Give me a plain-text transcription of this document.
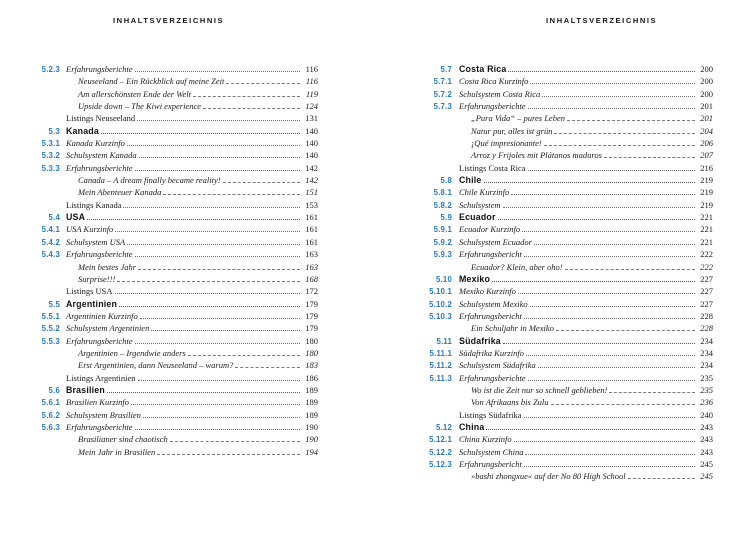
INHALTSVERZEICHNIS	INHALTSVERZEICHNIS
5.2.3 Erfahrungsberichte	116
Neuseeland – Ein Rückblick auf meine Zeit	116
Am allerschönsten Ende der Welt	119
Upside down – The Kiwi experience	124
Listings Neuseeland	131
5.3 Kanada	140
5.3.1 Kanada Kurzinfo	140
5.3.2 Schulsystem Kanada	140
5.3.3 Erfahrungsberichte	142
Canada – A dream finally became reality!	142
Mein Abenteuer Kanada	151
Listings Kanada	153
5.4 USA	161
5.4.1 USA Kurzinfo	161
5.4.2 Schulsystem USA	161
5.4.3 Erfahrungsberichte	163
Mein bestes Jahr	163
Surprise!!!	168
Listings USA	172
5.5 Argentinien	179
5.5.1 Argentinien Kurzinfo	179
5.5.2 Schulsystem Argentinien	179
5.5.3 Erfahrungsberichte	180
Argentinien – Irgendwie anders	180
Erst Argentinien, dann Neuseeland – warum?	183
Listings Argentinien	186
5.6 Brasilien	189
5.6.1 Brasilien Kurzinfo	189
5.6.2 Schulsystem Brasilien	189
5.6.3 Erfahrungsberichte	190
Brasilianer sind chaotisch	190
Mein Jahr in Brasilien	194
5.7 Costa Rica	200
5.7.1 Costa Rica Kurzinfo	200
5.7.2 Schulsystem Costa Rica	200
5.7.3 Erfahrungsberichte	201
„Pura Vida“ – pures Leben	201
Natur pur, alles ist grün	204
¡Qué impresionante!	206
Arroz y Frijoles mit Plátanos maduros	207
Listings Costa Rica	216
5.8 Chile	219
5.8.1 Chile Kurzinfo	219
5.8.2 Schulsystem	219
5.9 Ecuador	221
5.9.1 Ecuador Kurzinfo	221
5.9.2 Schulsystem Ecuador	221
5.9.3 Erfahrungsbericht	222
Ecuador? Klein, aber oho!	222
5.10 Mexiko	227
5.10.1 Mexiko Kurzinfo	227
5.10.2 Schulsystem Mexiko	227
5.10.3 Erfahrungsbericht	228
Ein Schuljahr in Mexiko	228
5.11 Südafrika	234
5.11.1 Südafrika Kurzinfo	234
5.11.2 Schulsystem Südafrika	234
5.11.3 Erfahrungsberichte	235
Wo ist die Zeit nur so schnell geblieben!	235
Von Afrikaans bis Zulu	236
Listings Südafrika	240
5.12 China	243
5.12.1 China Kurzinfo	243
5.12.2 Schulsystem China	243
5.12.3 Erfahrungsbericht	245
»bashi zhongxue« auf der No 80 High School	245
